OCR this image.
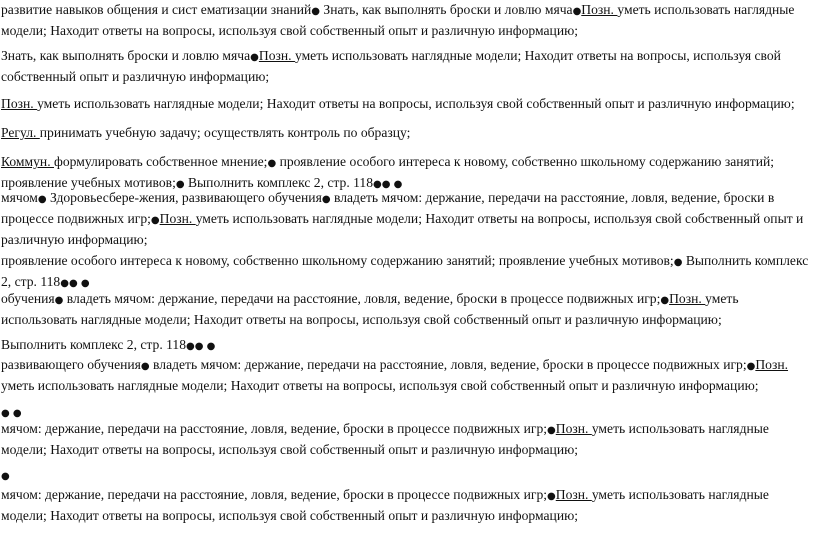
развитие навыков общения и сист ематизации знаний● Знать, как выполнять броски и ловлю мяча●Позн. уметь использовать наглядные модели; Находит ответы на вопросы, используя свой собственный опыт и различную информацию;

Знать, как выполнять броски и ловлю мяча●Позн. уметь использовать наглядные модели; Находит ответы на вопросы, используя свой собственный опыт и различную информацию;

Позн. уметь использовать наглядные модели; Находит ответы на вопросы, используя свой собственный опыт и различную информацию;

Регул. принимать учебную задачу; осуществлять контроль по образцу;

Коммун. формулировать собственное мнение;● проявление особого интереса к новому, собственно школьному содержанию занятий; проявление учебных мотивов;● Выполнить комплекс 2, стр. 118●● ●

мячом● Здоровьесбере-жения, развивающего обучения● владеть мячом: держание, передачи на расстояние, ловля, ведение, броски в процессе подвижных игр;●Позн. уметь использовать наглядные модели; Находит ответы на вопросы, используя свой собственный опыт и различную информацию;

проявление особого интереса к новому, собственно школьному содержанию занятий; проявление учебных мотивов;● Выполнить комплекс 2, стр. 118●● ●

обучения● владеть мячом: держание, передачи на расстояние, ловля, ведение, броски в процессе подвижных игр;●Позн. уметь использовать наглядные модели; Находит ответы на вопросы, используя свой собственный опыт и различную информацию;

Выполнить комплекс 2, стр. 118●● ●

развивающего обучения● владеть мячом: держание, передачи на расстояние, ловля, ведение, броски в процессе подвижных игр;●Позн. уметь использовать наглядные модели; Находит ответы на вопросы, используя свой собственный опыт и различную информацию;

● ●

мячом: держание, передачи на расстояние, ловля, ведение, броски в процессе подвижных игр;●Позн. уметь использовать наглядные модели; Находит ответы на вопросы, используя свой собственный опыт и различную информацию;

●

мячом: держание, передачи на расстояние, ловля, ведение, броски в процессе подвижных игр;●Позн. уметь использовать наглядные модели; Находит ответы на вопросы, используя свой собственный опыт и различную информацию;
